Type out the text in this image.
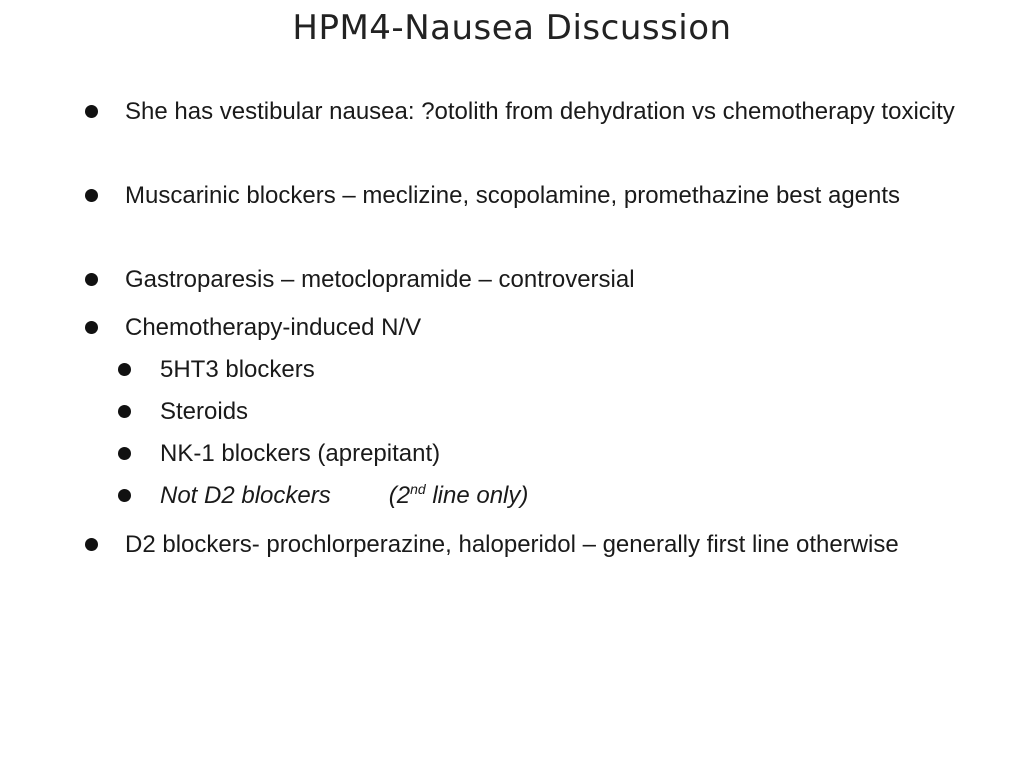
HPM4-Nausea Discussion

She has vestibular nausea: ?otolith from dehydration vs chemotherapy toxicity

Muscarinic blockers – meclizine, scopolamine, promethazine best agents

Gastroparesis – metoclopramide – controversial

Chemotherapy-induced N/V

5HT3 blockers

Steroids

NK-1 blockers (aprepitant)

Not D2 blockers (2nd line only)

D2 blockers- prochlorperazine, haloperidol – generally first line otherwise
